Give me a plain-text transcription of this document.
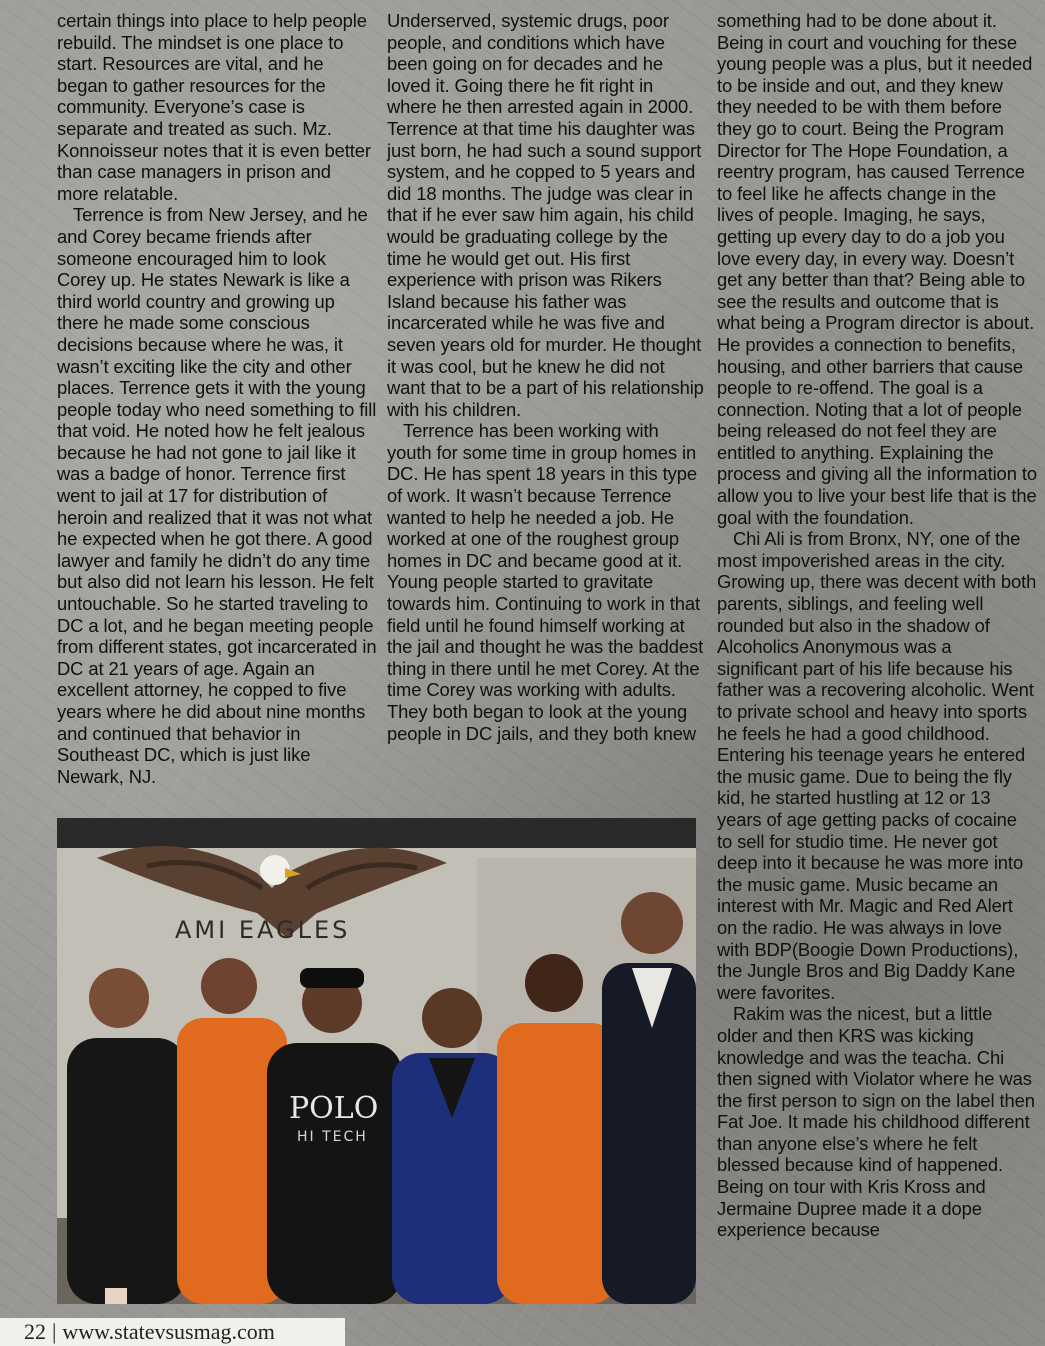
certain things into place to help people rebuild. The mindset is one place to start. Resources are vital, and he began to gather resources for the community. Everyone’s case is separate and treated as such. Mz. Konnoisseur notes that it is even better than case managers in prison and more relatable.

Terrence is from New Jersey, and he and Corey became friends after someone encouraged him to look Corey up. He states Newark is like a third world country and growing up there he made some conscious decisions because where he was, it wasn’t exciting like the city and other places. Terrence gets it with the young people today who need something to fill that void. He noted how he felt jealous because he had not gone to jail like it was a badge of honor. Terrence first went to jail at 17 for distribution of heroin and realized that it was not what he expected when he got there. A good lawyer and family he didn’t do any time but also did not learn his lesson. He felt untouchable. So he started traveling to DC a lot, and he began meeting people from different states, got incarcerated in DC at 21 years of age. Again an excellent attorney, he copped to five years where he did about nine months and continued that behavior in Southeast DC, which is just like Newark, NJ.

Underserved, systemic drugs, poor people, and conditions which have been going on for decades and he loved it. Going there he fit right in where he then arrested again in 2000. Terrence at that time his daughter was just born, he had such a sound support system, and he copped to 5 years and did 18 months. The judge was clear in that if he ever saw him again, his child would be graduating college by the time he would get out. His first experience with prison was Rikers Island because his father was incarcerated while he was five and seven years old for murder. He thought it was cool, but he knew he did not want that to be a part of his relationship with his children.

Terrence has been working with youth for some time in group homes in DC. He has spent 18 years in this type of work. It wasn’t because Terrence wanted to help he needed a job. He worked at one of the roughest group homes in DC and became good at it. Young people started to gravitate towards him. Continuing to work in that field until he found himself working at the jail and thought he was the baddest thing in there until he met Corey. At the time Corey was working with adults. They both began to look at the young people in DC jails, and they both knew

something had to be done about it. Being in court and vouching for these young people was a plus, but it needed to be inside and out, and they knew they needed to be with them before they go to court. Being the Program Director for The Hope Foundation, a reentry program, has caused Terrence to feel like he affects change in the lives of people. Imaging, he says, getting up every day to do a job you love every day, in every way. Doesn’t get any better than that? Being able to see the results and outcome that is what being a Program director is about. He provides a connection to benefits, housing, and other barriers that cause people to re-offend. The goal is a connection. Noting that a lot of people being released do not feel they are entitled to anything. Explaining the process and giving all the information to allow you to live your best life that is the goal with the foundation.

Chi Ali is from Bronx, NY, one of the most impoverished areas in the city. Growing up, there was decent with both parents, siblings, and feeling well rounded but also in the shadow of Alcoholics Anonymous was a significant part of his life because his father was a recovering alcoholic. Went to private school and heavy into sports he feels he had a good childhood. Entering his teenage years he entered the music game. Due to being the fly kid, he started hustling at 12 or 13 years of age getting packs of cocaine to sell for studio time. He never got deep into it because he was more into the music game. Music became an interest with Mr. Magic and Red Alert on the radio. He was always in love with BDP(Boogie Down Productions), the Jungle Bros and Big Daddy Kane were favorites.

Rakim was the nicest, but a little older and then KRS was kicking knowledge and was the teacha. Chi then signed with Violator where he was the first person to sign on the label then Fat Joe. It made his childhood different than anyone else’s where he felt blessed because kind of happened. Being on tour with Kris Kross and Jermaine Dupree made it a dope experience because

AMI EAGLES
POLO
HI TECH
22 | www.statevsusmag.com
